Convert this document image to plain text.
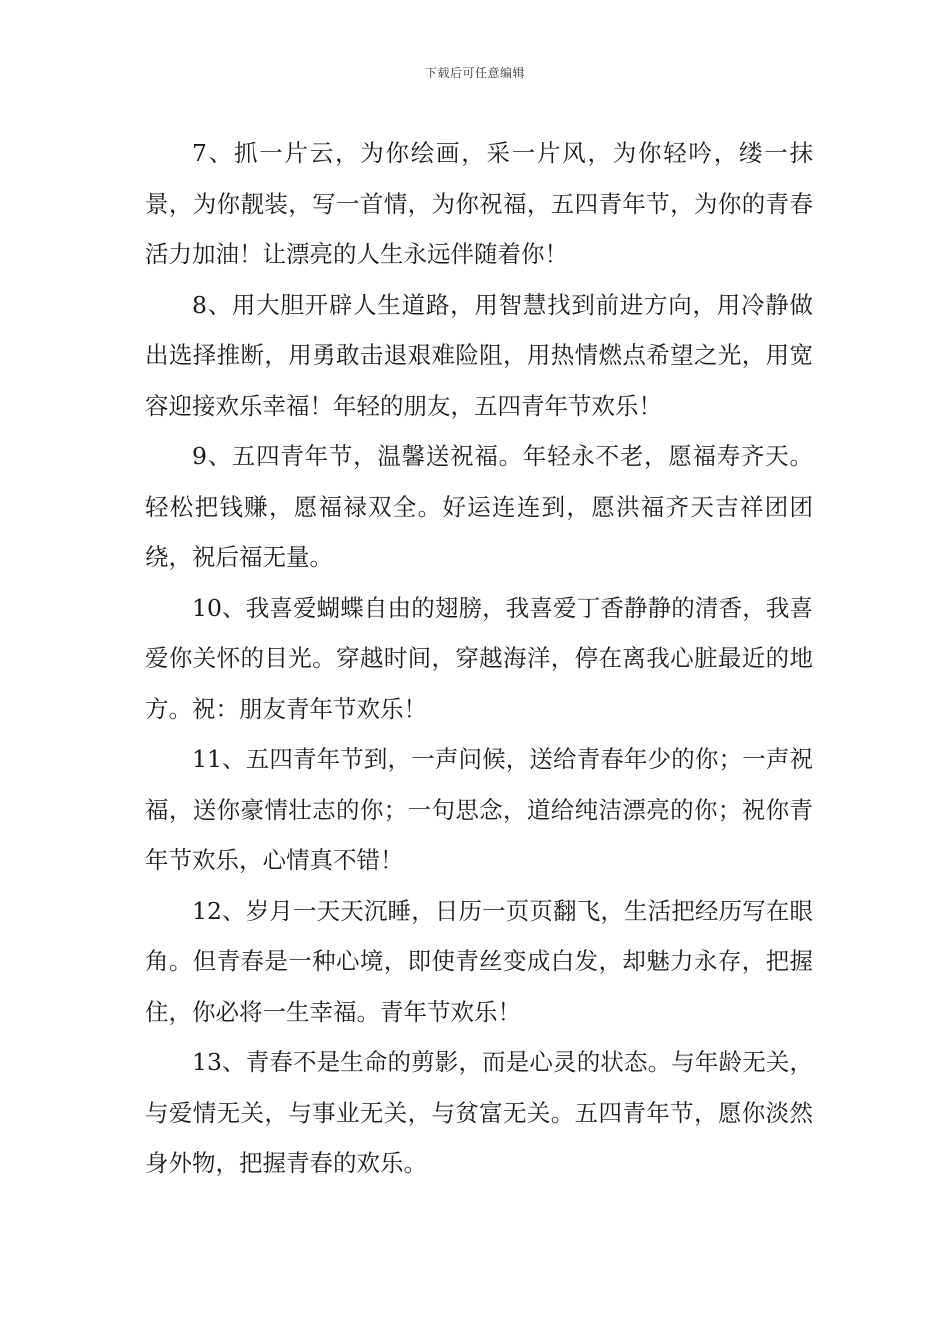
下载后可任意编辑

7、抓一片云，为你绘画，采一片风，为你轻吟，缕一抹景，为你靓装，写一首情，为你祝福，五四青年节，为你的青春活力加油！让漂亮的人生永远伴随着你！

8、用大胆开辟人生道路，用智慧找到前进方向，用冷静做出选择推断，用勇敢击退艰难险阻，用热情燃点希望之光，用宽容迎接欢乐幸福！年轻的朋友，五四青年节欢乐！

9、五四青年节，温馨送祝福。年轻永不老，愿福寿齐天。轻松把钱赚，愿福禄双全。好运连连到，愿洪福齐天吉祥团团绕，祝后福无量。

10、我喜爱蝴蝶自由的翅膀，我喜爱丁香静静的清香，我喜爱你关怀的目光。穿越时间，穿越海洋，停在离我心脏最近的地方。祝：朋友青年节欢乐！

11、五四青年节到，一声问候，送给青春年少的你；一声祝福，送你豪情壮志的你；一句思念，道给纯洁漂亮的你；祝你青年节欢乐，心情真不错！

12、岁月一天天沉睡，日历一页页翻飞，生活把经历写在眼角。但青春是一种心境，即使青丝变成白发，却魅力永存，把握住，你必将一生幸福。青年节欢乐！

13、青春不是生命的剪影，而是心灵的状态。与年龄无关，与爱情无关，与事业无关，与贫富无关。五四青年节，愿你淡然身外物，把握青春的欢乐。
